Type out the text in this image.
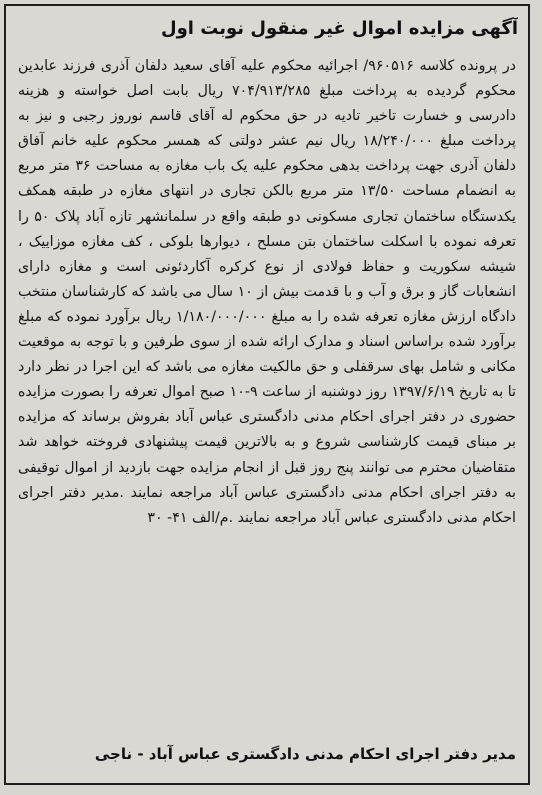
آگهی مزایده اموال غیر منقول نوبت اول

در پرونده کلاسه ۹۶۰۵۱۶/ اجرائیه محکوم علیه آقای سعید دلفان آذری فرزند عابدین محکوم گردیده به پرداخت مبلغ ۷۰۴/۹۱۳/۲۸۵ ریال بابت اصل خواسته و هزینه دادرسی و خسارت تاخیر تادیه در حق محکوم له آقای قاسم نوروز رجبی و نیز به پرداخت مبلغ ۱۸/۲۴۰/۰۰۰ ریال نیم عشر دولتی که همسر محکوم علیه خانم آفاق دلفان آذری جهت پرداخت بدهی محکوم علیه یک باب مغازه به مساحت ۳۶ متر مربع به انضمام مساحت ۱۳/۵۰ متر مربع بالکن تجاری در انتهای مغازه در طبقه همکف یکدستگاه ساختمان تجاری مسکونی دو طبقه واقع در سلمانشهر تازه آباد پلاک ۵۰ را تعرفه نموده با اسکلت ساختمان بتن مسلح ، دیوارها بلوکی ، کف مغازه موزاییک ، شیشه سکوریت و حفاظ فولادی از نوع کرکره آکاردئونی است و مغازه دارای انشعابات گاز و برق و آب و با قدمت بیش از ۱۰ سال می باشد که کارشناسان منتخب دادگاه ارزش مغازه تعرفه شده را به مبلغ ۱/۱۸۰/۰۰۰/۰۰۰ ریال برآورد نموده که مبلغ برآورد شده براساس اسناد و مدارک ارائه شده از سوی طرفین و با توجه به موقعیت مکانی و شامل بهای سرقفلی و حق مالکیت مغازه می باشد که این اجرا در نظر دارد تا به تاریخ ۱۳۹۷/۶/۱۹ روز دوشنبه از ساعت ۹-۱۰ صبح اموال تعرفه را بصورت مزایده حضوری در دفتر اجرای احکام مدنی دادگستری عباس آباد بفروش برساند که مزایده بر مبنای قیمت کارشناسی شروع و به بالاترین قیمت پیشنهادی فروخته خواهد شد متقاضیان محترم می توانند پنج روز قبل از انجام مزایده جهت بازدید از اموال توقیفی به دفتر اجرای احکام مدنی دادگستری عباس آباد مراجعه نمایند .مدیر دفتر اجرای احکام مدنی دادگستری عباس آباد مراجعه نمایند .م/الف ۴۱- ۳۰

مدیر دفتر اجرای احکام مدنی دادگستری عباس آباد - ناجی
